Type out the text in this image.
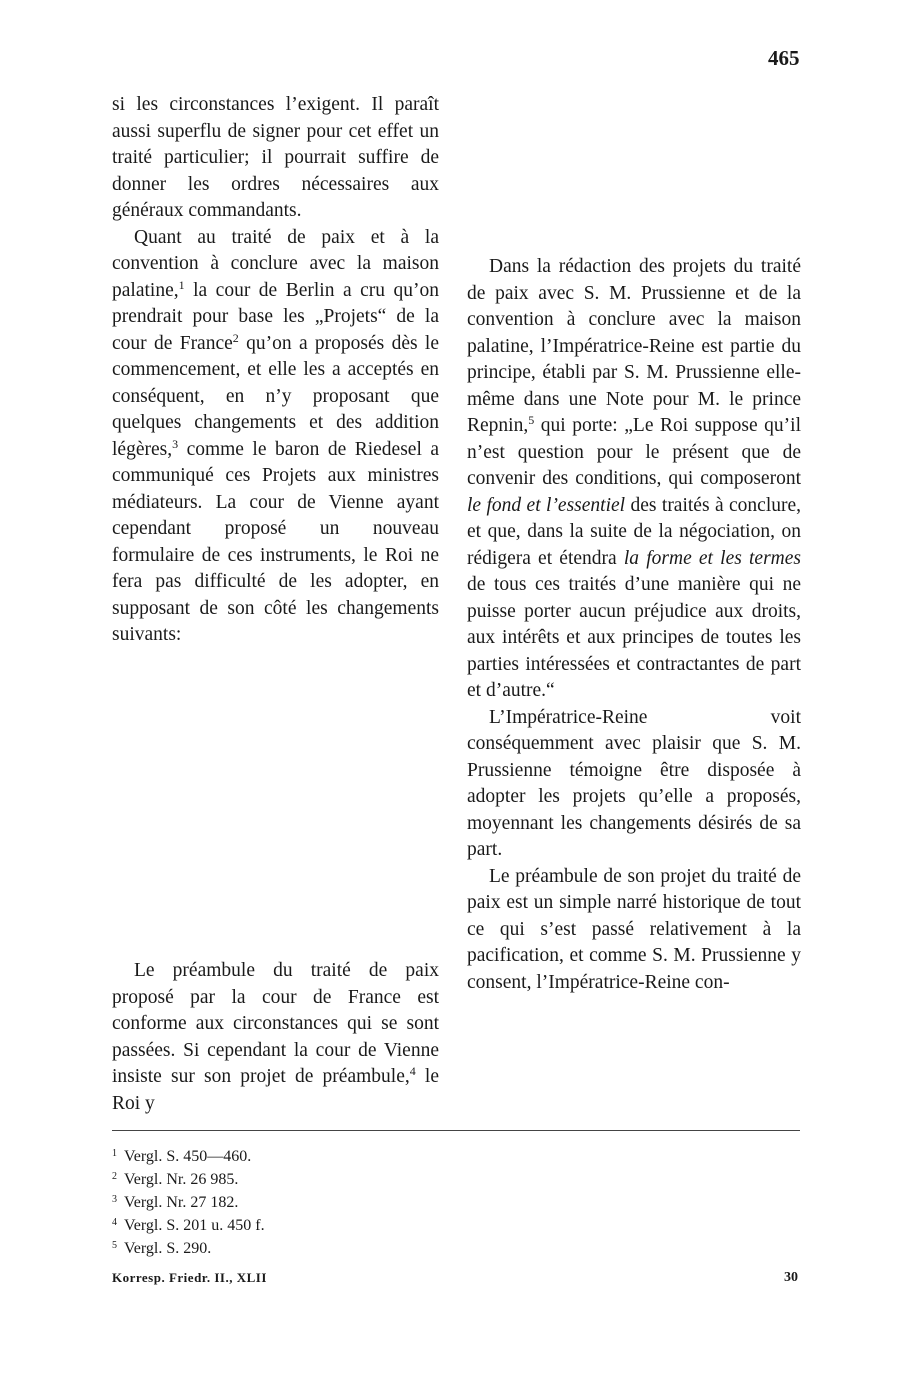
465

si les circonstances l’exigent. Il paraît aussi superflu de signer pour cet effet un traité particulier; il pourrait suffire de donner les ordres nécessaires aux généraux commandants.

Quant au traité de paix et à la convention à conclure avec la maison palatine,$^1$ la cour de Berlin a cru qu’on prendrait pour base les „Projets“ de la cour de France$^2$ qu’on a proposés dès le commencement, et elle les a acceptés en conséquent, en n’y proposant que quelques changements et des addition légères,$^3$ comme le baron de Riedesel a communiqué ces Projets aux ministres médiateurs. La cour de Vienne ayant cependant proposé un nouveau formulaire de ces instruments, le Roi ne fera pas difficulté de les adopter, en supposant de son côté les changements suivants:

Le préambule du traité de paix proposé par la cour de France est conforme aux circonstances qui se sont passées. Si cependant la cour de Vienne insiste sur son projet de préambule,$^4$ le Roi y

Dans la rédaction des projets du traité de paix avec S. M. Prussienne et de la convention à conclure avec la maison palatine, l’Impératrice-Reine est partie du principe, établi par S. M. Prussienne elle-même dans une Note pour M. le prince Repnin,$^5$ qui porte: „Le Roi suppose qu’il n’est question pour le présent que de convenir des conditions, qui composeront le fond et l’essentiel des traités à conclure, et que, dans la suite de la négociation, on rédigera et étendra la forme et les termes de tous ces traités d’une manière qui ne puisse porter aucun préjudice aux droits, aux intérêts et aux principes de toutes les parties intéressées et contractantes de part et d’autre.“

L’Impératrice-Reine voit conséquemment avec plaisir que S. M. Prussienne témoigne être disposée à adopter les projets qu’elle a proposés, moyennant les changements désirés de sa part.

Le préambule de son projet du traité de paix est un simple narré historique de tout ce qui s’est passé relativement à la pacification, et comme S. M. Prussienne y consent, l’Impératrice-Reine con-

1 Vergl. S. 450—460.

2 Vergl. Nr. 26 985.

3 Vergl. Nr. 27 182.

4 Vergl. S. 201 u. 450 f.

5 Vergl. S. 290.

Korresp. Friedr. II., XLII	30
